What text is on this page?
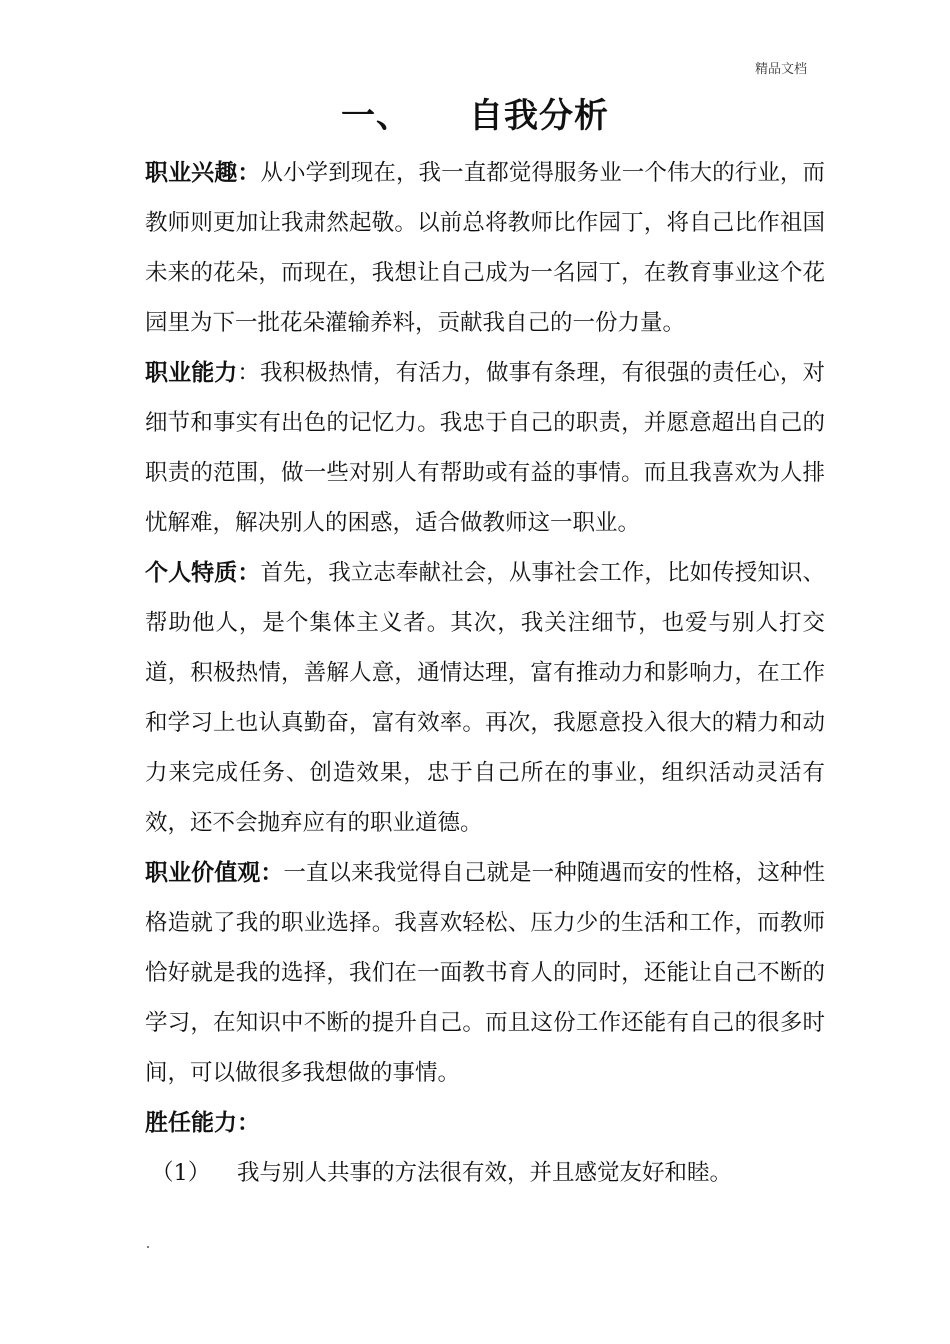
精品文档
一、 自我分析

职业兴趣：从小学到现在，我一直都觉得服务业一个伟大的行业，而教师则更加让我肃然起敬。以前总将教师比作园丁，将自己比作祖国未来的花朵，而现在，我想让自己成为一名园丁，在教育事业这个花园里为下一批花朵灌输养料，贡献我自己的一份力量。

职业能力：我积极热情，有活力，做事有条理，有很强的责任心，对细节和事实有出色的记忆力。我忠于自己的职责，并愿意超出自己的职责的范围，做一些对别人有帮助或有益的事情。而且我喜欢为人排忧解难，解决别人的困惑，适合做教师这一职业。

个人特质：首先，我立志奉献社会，从事社会工作，比如传授知识、帮助他人，是个集体主义者。其次，我关注细节，也爱与别人打交道，积极热情，善解人意，通情达理，富有推动力和影响力，在工作和学习上也认真勤奋，富有效率。再次，我愿意投入很大的精力和动力来完成任务、创造效果，忠于自己所在的事业，组织活动灵活有效，还不会抛弃应有的职业道德。

职业价值观：一直以来我觉得自己就是一种随遇而安的性格，这种性格造就了我的职业选择。我喜欢轻松、压力少的生活和工作，而教师恰好就是我的选择，我们在一面教书育人的同时，还能让自己不断的学习，在知识中不断的提升自己。而且这份工作还能有自己的很多时间，可以做很多我想做的事情。

胜任能力：

（1） 我与别人共事的方法很有效，并且感觉友好和睦。
